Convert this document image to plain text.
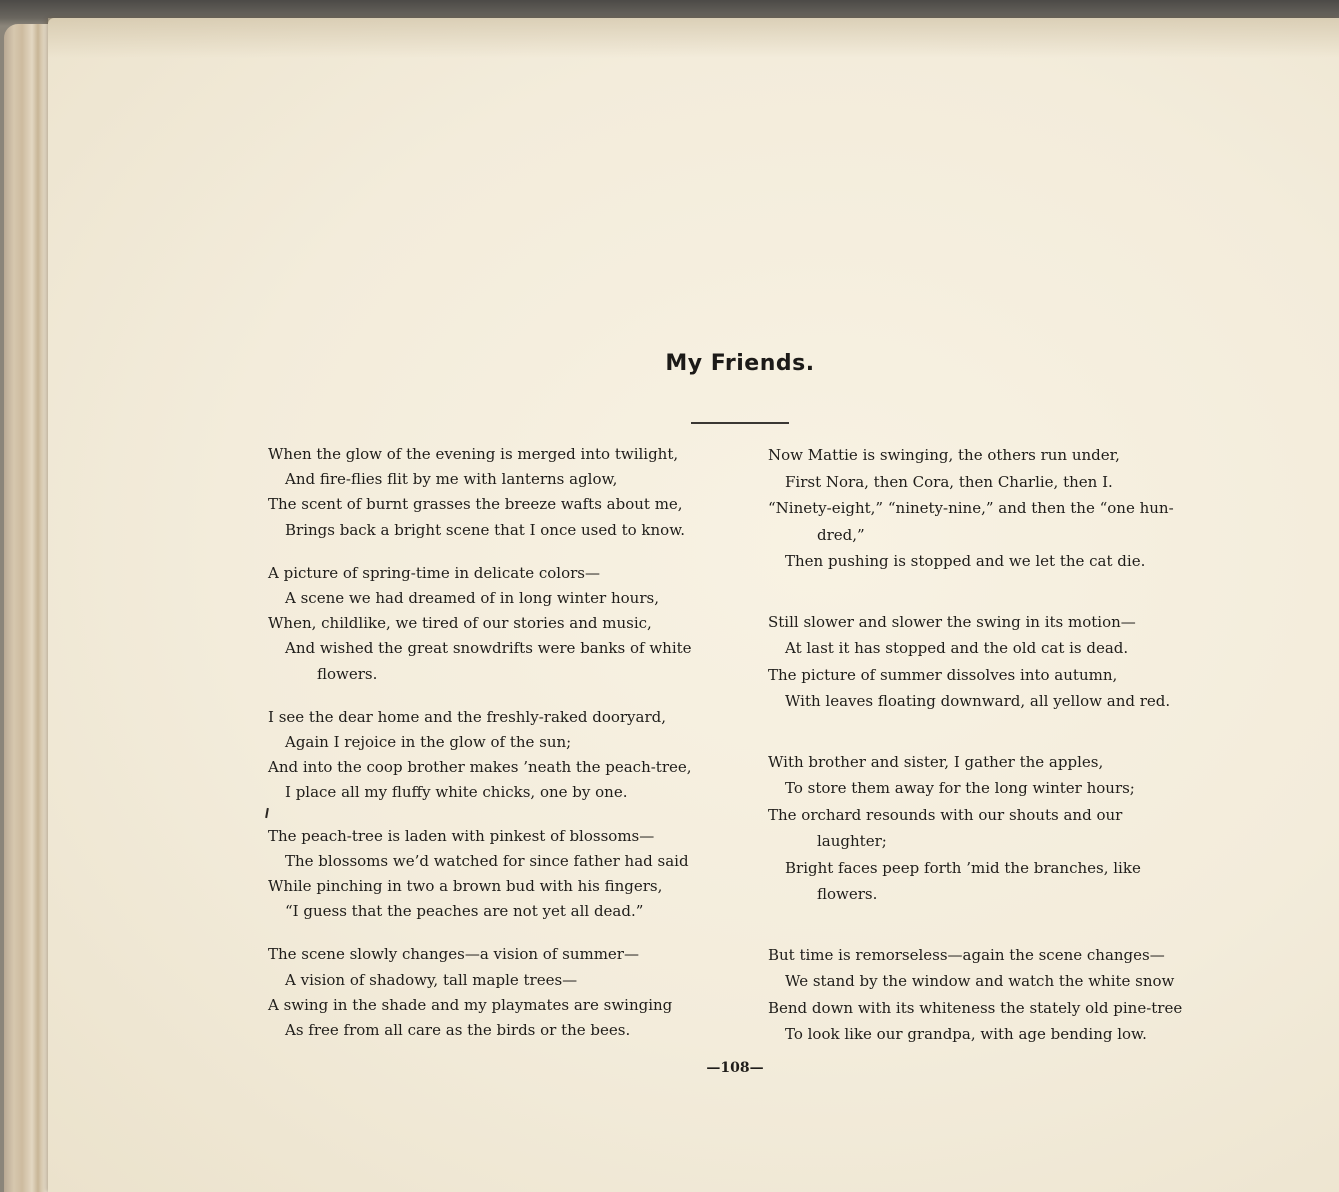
My Friends.
When the glow of the evening is merged into twilight,
And fire-flies flit by me with lanterns aglow,
The scent of burnt grasses the breeze wafts about me,
Brings back a bright scene that I once used to know.
A picture of spring-time in delicate colors—
A scene we had dreamed of in long winter hours,
When, childlike, we tired of our stories and music,
And wished the great snowdrifts were banks of white
flowers.
I see the dear home and the freshly-raked dooryard,
Again I rejoice in the glow of the sun;
And into the coop brother makes ’neath the peach-tree,
I place all my fluffy white chicks, one by one.
The peach-tree is laden with pinkest of blossoms—
The blossoms we’d watched for since father had said
While pinching in two a brown bud with his fingers,
“I guess that the peaches are not yet all dead.”
The scene slowly changes—a vision of summer—
A vision of shadowy, tall maple trees—
A swing in the shade and my playmates are swinging
As free from all care as the birds or the bees.
Now Mattie is swinging, the others run under,
First Nora, then Cora, then Charlie, then I.
“Ninety-eight,” “ninety-nine,” and then the “one hun-
dred,”
Then pushing is stopped and we let the cat die.
Still slower and slower the swing in its motion—
At last it has stopped and the old cat is dead.
The picture of summer dissolves into autumn,
With leaves floating downward, all yellow and red.
With brother and sister, I gather the apples,
To store them away for the long winter hours;
The orchard resounds with our shouts and our
laughter;
Bright faces peep forth ’mid the branches, like
flowers.
But time is remorseless—again the scene changes—
We stand by the window and watch the white snow
Bend down with its whiteness the stately old pine-tree
To look like our grandpa, with age bending low.
—108—
